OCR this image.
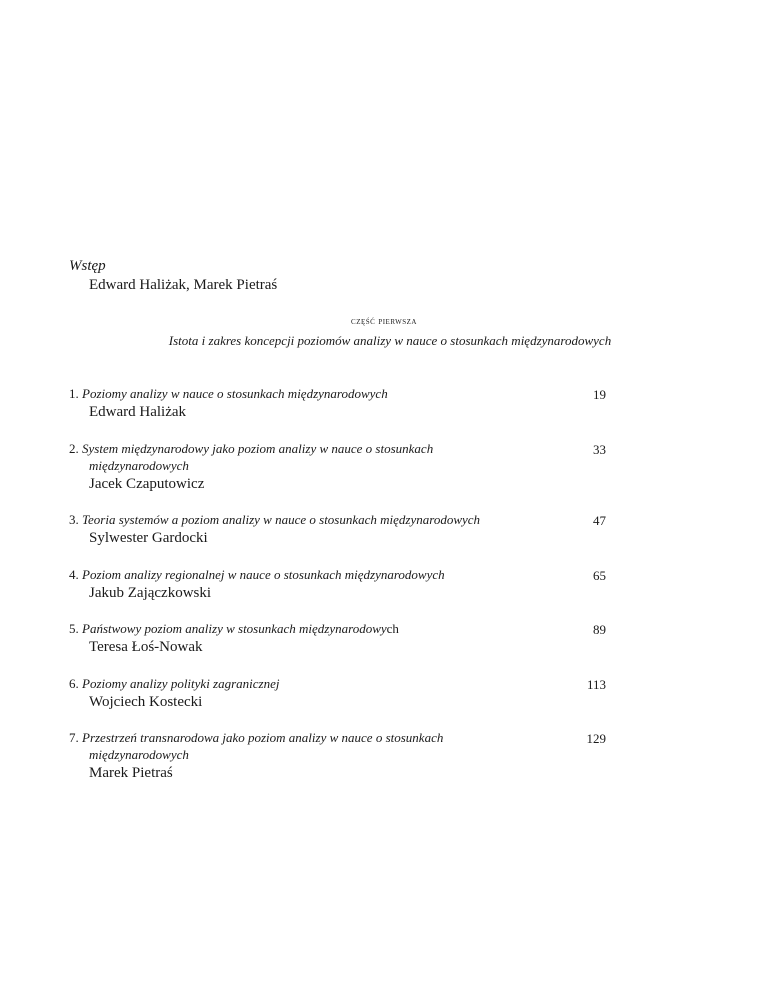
Wstęp
Edward Haliżak, Marek Pietraś
część pierwsza
Istota i zakres koncepcji poziomów analizy w nauce o stosunkach międzynarodowych
1. Poziomy analizy w nauce o stosunkach międzynarodowych
Edward Haliżak
19
2. System międzynarodowy jako poziom analizy w nauce o stosunkach
międzynarodowych
Jacek Czaputowicz
33
3. Teoria systemów a poziom analizy w nauce o stosunkach międzynarodowych
Sylwester Gardocki
47
4. Poziom analizy regionalnej w nauce o stosunkach międzynarodowych
Jakub Zajączkowski
65
5. Państwowy poziom analizy w stosunkach międzynarodowych
Teresa Łoś-Nowak
89
6. Poziomy analizy polityki zagranicznej
Wojciech Kostecki
113
7. Przestrzeń transnarodowa jako poziom analizy w nauce o stosunkach
międzynarodowych
Marek Pietraś
129
